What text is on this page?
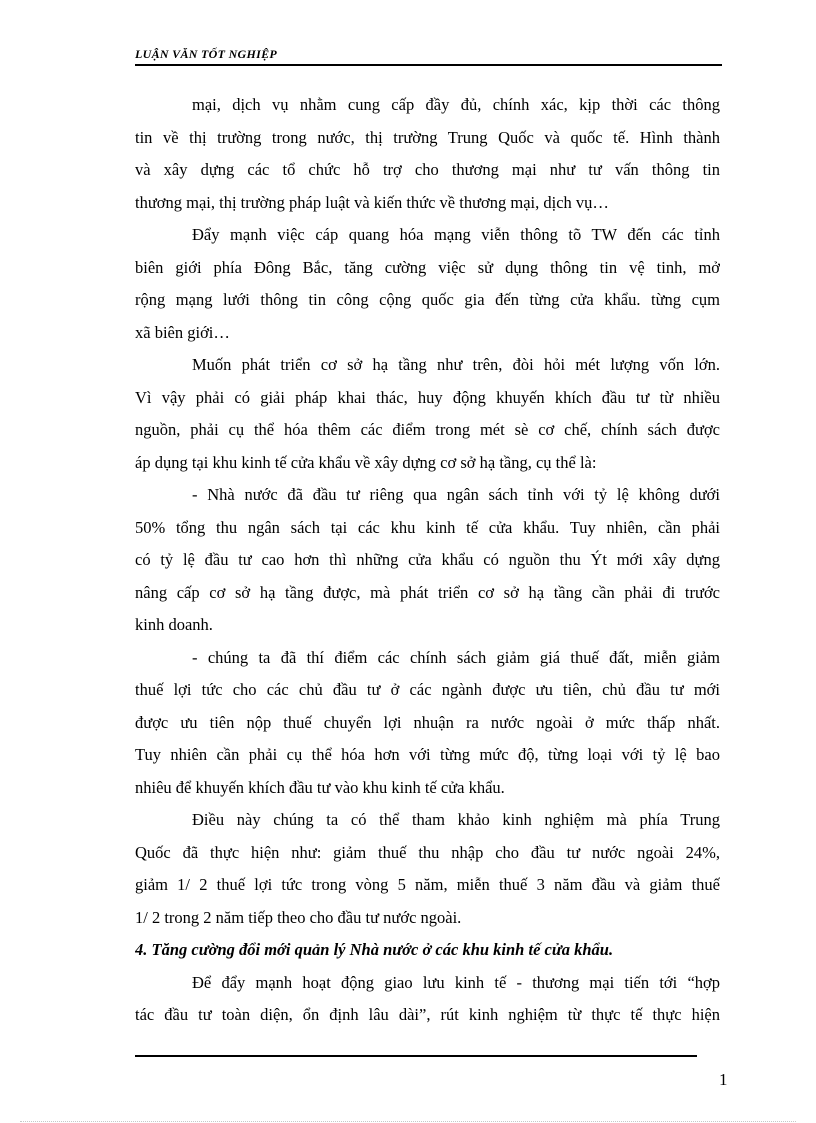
LUẬN VĂN TỐT NGHIỆP
mại, dịch vụ nhằm cung cấp đầy đủ, chính xác, kịp thời các thông
tin về thị trường trong nước, thị trường Trung Quốc và quốc tế. Hình thành
và xây dựng các tổ chức hỗ trợ cho thương mại như tư vấn thông tin
thương mại, thị trường pháp luật và kiến thức về thương mại, dịch vụ…
Đẩy mạnh việc cáp quang hóa mạng viễn thông tõ TW đến các tỉnh
biên giới phía Đông Bắc, tăng cường việc sử dụng thông tin vệ tinh, mở
rộng mạng lưới thông tin công cộng quốc gia đến từng cửa khẩu. từng cụm
xã biên giới…
Muốn phát triển cơ sở hạ tầng như trên, đòi hỏi mét lượng vốn lớn.
Vì vậy phải có giải pháp khai thác, huy động khuyến khích đầu tư từ nhiều
nguồn, phải cụ thể hóa thêm các điểm trong mét sè cơ chế, chính sách được
áp dụng tại khu kinh tế cửa khẩu về xây dựng cơ sở hạ tầng, cụ thể là:
- Nhà nước đã đầu tư riêng qua ngân sách tỉnh với tỷ lệ không dưới
50% tổng thu ngân sách tại các khu kinh tế cửa khẩu. Tuy nhiên, cần phải
có tỷ lệ đầu tư cao hơn thì những cửa khẩu có nguồn thu Ýt mới xây dựng
nâng cấp cơ sở hạ tầng được, mà phát triển cơ sở hạ tầng cần phải đi trước
kinh doanh.
- chúng ta đã thí điểm các chính sách giảm giá thuế đất, miễn giảm
thuế lợi tức cho các chủ đầu tư ở các ngành được ưu tiên, chủ đầu tư mới
được ưu tiên nộp thuế chuyển lợi nhuận ra nước ngoài ở mức thấp nhất.
Tuy nhiên cần phải cụ thể hóa hơn với từng mức độ, từng loại với tỷ lệ bao
nhiêu để khuyến khích đầu tư vào khu kinh tế cửa khẩu.
Điều này chúng ta có thể tham khảo kinh nghiệm mà phía Trung
Quốc đã thực hiện như: giảm thuế thu nhập cho đầu tư nước ngoài 24%,
giảm 1/ 2 thuế lợi tức trong vòng 5 năm, miễn thuế 3 năm đầu và giảm thuế
1/ 2 trong 2 năm tiếp theo cho đầu tư nước ngoài.
4. Tăng cường đổi mới quản lý Nhà nước ở các khu kinh tế cửa khẩu.
Để đẩy mạnh hoạt động giao lưu kinh tế - thương mại tiến tới “hợp
tác đầu tư toàn diện, ổn định lâu dài”, rút kinh nghiệm từ thực tế thực hiện
1
